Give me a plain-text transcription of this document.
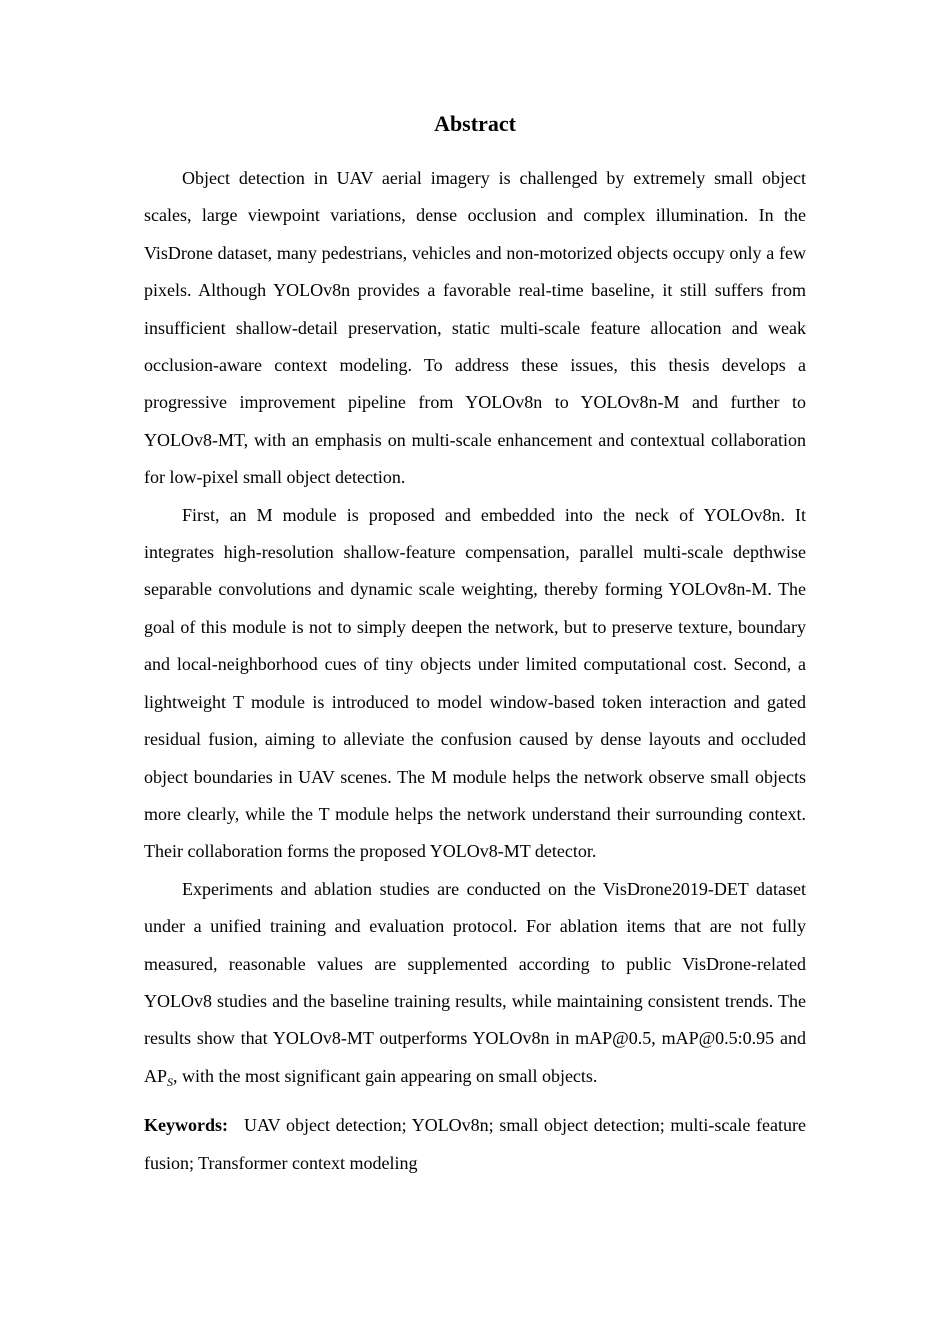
Abstract

Object detection in UAV aerial imagery is challenged by extremely small object scales, large viewpoint variations, dense occlusion and complex illumination. In the VisDrone dataset, many pedestrians, vehicles and non-motorized objects occupy only a few pixels. Although YOLOv8n provides a favorable real-time baseline, it still suffers from insufficient shallow-detail preservation, static multi-scale feature allocation and weak occlusion-aware context modeling. To address these issues, this thesis develops a progressive improvement pipeline from YOLOv8n to YOLOv8n-M and further to YOLOv8-MT, with an emphasis on multi-scale enhancement and contextual collaboration for low-pixel small object detection.

First, an M module is proposed and embedded into the neck of YOLOv8n. It integrates high-resolution shallow-feature compensation, parallel multi-scale depthwise separable convolutions and dynamic scale weighting, thereby forming YOLOv8n-M. The goal of this module is not to simply deepen the network, but to preserve texture, boundary and local-neighborhood cues of tiny objects under limited computational cost. Second, a lightweight T module is introduced to model window-based token interaction and gated residual fusion, aiming to alleviate the confusion caused by dense layouts and occluded object boundaries in UAV scenes. The M module helps the network observe small objects more clearly, while the T module helps the network understand their surrounding context. Their collaboration forms the proposed YOLOv8-MT detector.

Experiments and ablation studies are conducted on the VisDrone2019-DET dataset under a unified training and evaluation protocol. For ablation items that are not fully measured, reasonable values are supplemented according to public VisDrone-related YOLOv8 studies and the baseline training results, while maintaining consistent trends. The results show that YOLOv8-MT outperforms YOLOv8n in mAP@0.5, mAP@0.5:0.95 and $AP_S$, with the most significant gain appearing on small objects.

Keywords: UAV object detection; YOLOv8n; small object detection; multi-scale feature fusion; Transformer context modeling
